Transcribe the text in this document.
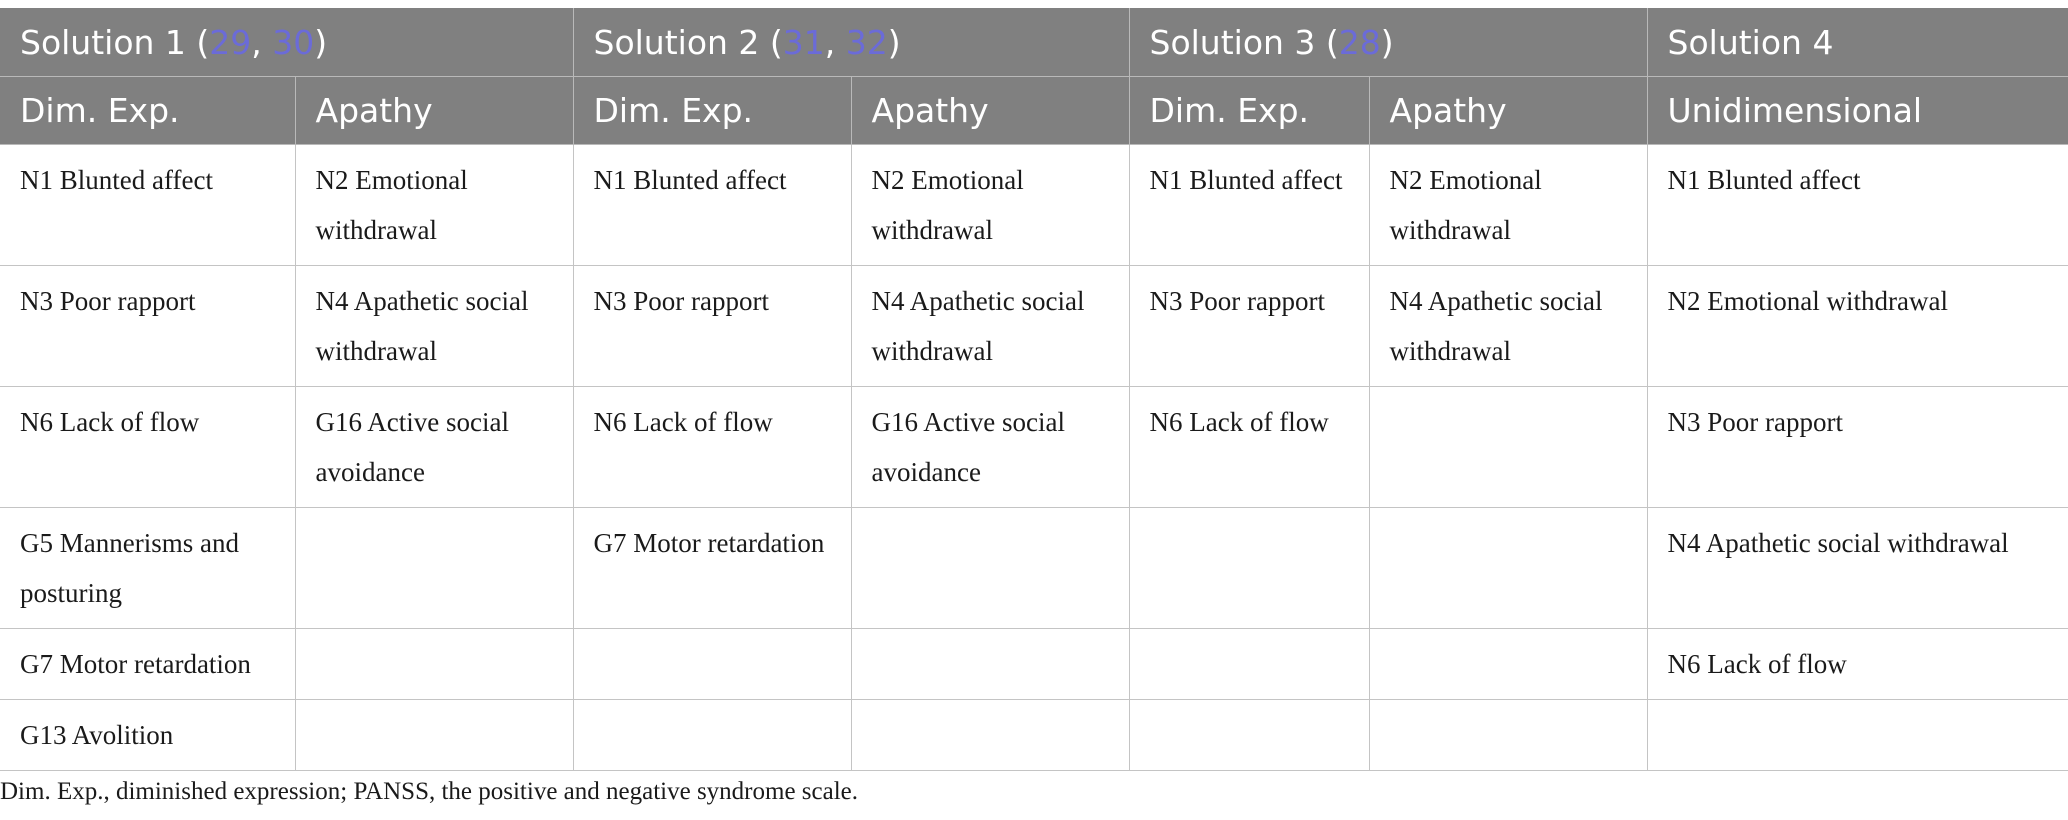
Solution 1 (29, 30)		Solution 2 (31, 32)		Solution 3 (28)		Solution 4
Dim. Exp.	Apathy	Dim. Exp.	Apathy	Dim. Exp.	Apathy	Unidimensional
N1 Blunted affect	N2 Emotional withdrawal	N1 Blunted affect	N2 Emotional withdrawal	N1 Blunted affect	N2 Emotional withdrawal	N1 Blunted affect
N3 Poor rapport	N4 Apathetic social withdrawal	N3 Poor rapport	N4 Apathetic social withdrawal	N3 Poor rapport	N4 Apathetic social withdrawal	N2 Emotional withdrawal
N6 Lack of flow	G16 Active social avoidance	N6 Lack of flow	G16 Active social avoidance	N6 Lack of flow		N3 Poor rapport
G5 Mannerisms and posturing		G7 Motor retardation				N4 Apathetic social withdrawal
G7 Motor retardation						N6 Lack of flow
G13 Avolition						
Dim. Exp., diminished expression; PANSS, the positive and negative syndrome scale.
